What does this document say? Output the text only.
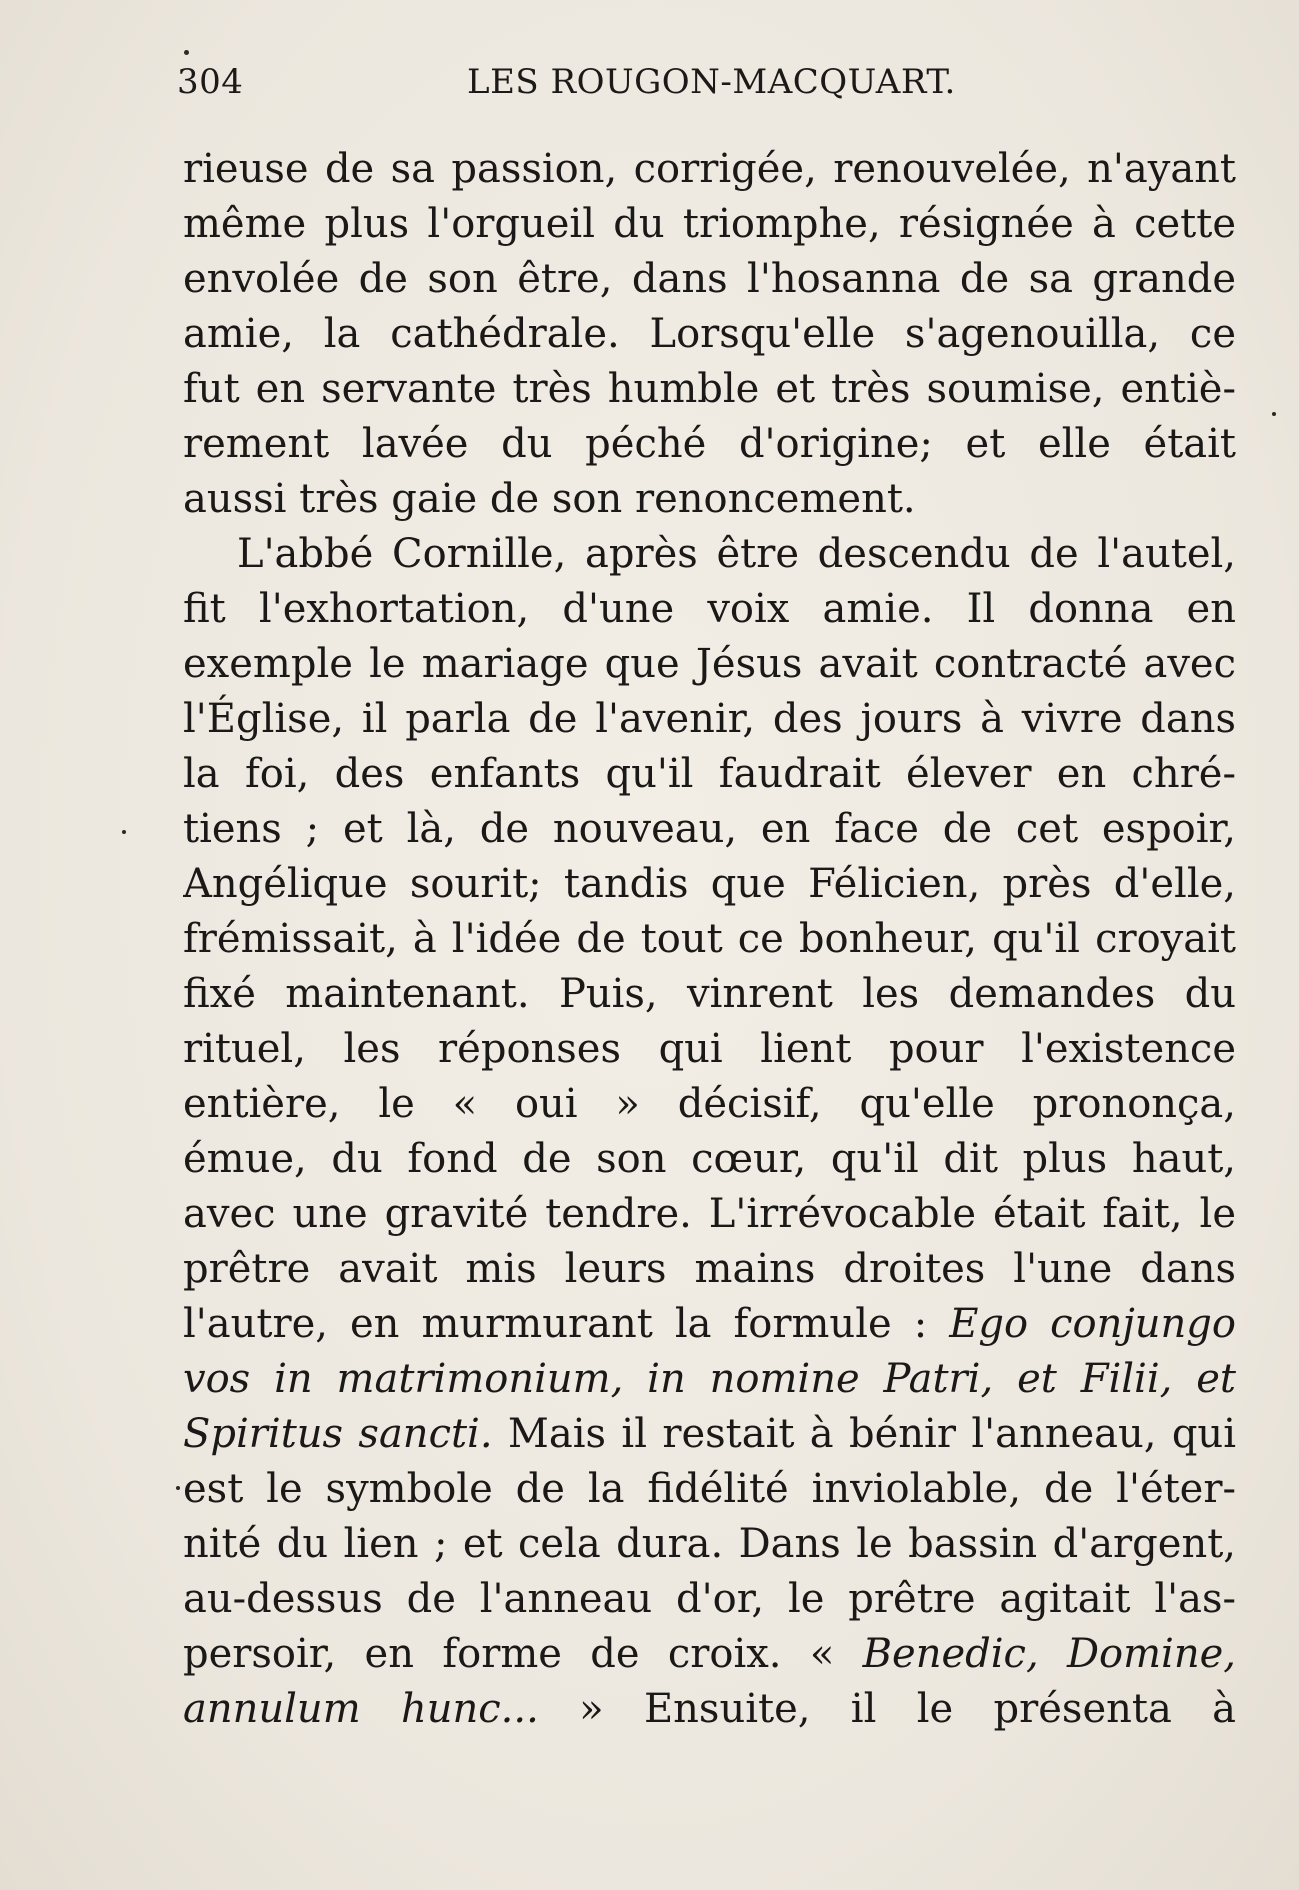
304	LES ROUGON-MACQUART.
rieuse de sa passion, corrigée, renouvelée, n'ayant
même plus l'orgueil du triomphe, résignée à cette
envolée de son être, dans l'hosanna de sa grande
amie, la cathédrale. Lorsqu'elle s'agenouilla, ce
fut en servante très humble et très soumise, entiè-
rement lavée du péché d'origine; et elle était
aussi très gaie de son renoncement.
L'abbé Cornille, après être descendu de l'autel,
fit l'exhortation, d'une voix amie. Il donna en
exemple le mariage que Jésus avait contracté avec
l'Église, il parla de l'avenir, des jours à vivre dans
la foi, des enfants qu'il faudrait élever en chré-
tiens ; et là, de nouveau, en face de cet espoir,
Angélique sourit; tandis que Félicien, près d'elle,
frémissait, à l'idée de tout ce bonheur, qu'il croyait
fixé maintenant. Puis, vinrent les demandes du
rituel, les réponses qui lient pour l'existence
entière, le « oui » décisif, qu'elle prononça,
émue, du fond de son cœur, qu'il dit plus haut,
avec une gravité tendre. L'irrévocable était fait, le
prêtre avait mis leurs mains droites l'une dans
l'autre, en murmurant la formule : Ego conjungo
vos in matrimonium, in nomine Patri, et Filii, et
Spiritus sancti. Mais il restait à bénir l'anneau, qui
est le symbole de la fidélité inviolable, de l'éter-
nité du lien ; et cela dura. Dans le bassin d'argent,
au-dessus de l'anneau d'or, le prêtre agitait l'as-
persoir, en forme de croix. « Benedic, Domine,
annulum hunc... » Ensuite, il le présenta à
